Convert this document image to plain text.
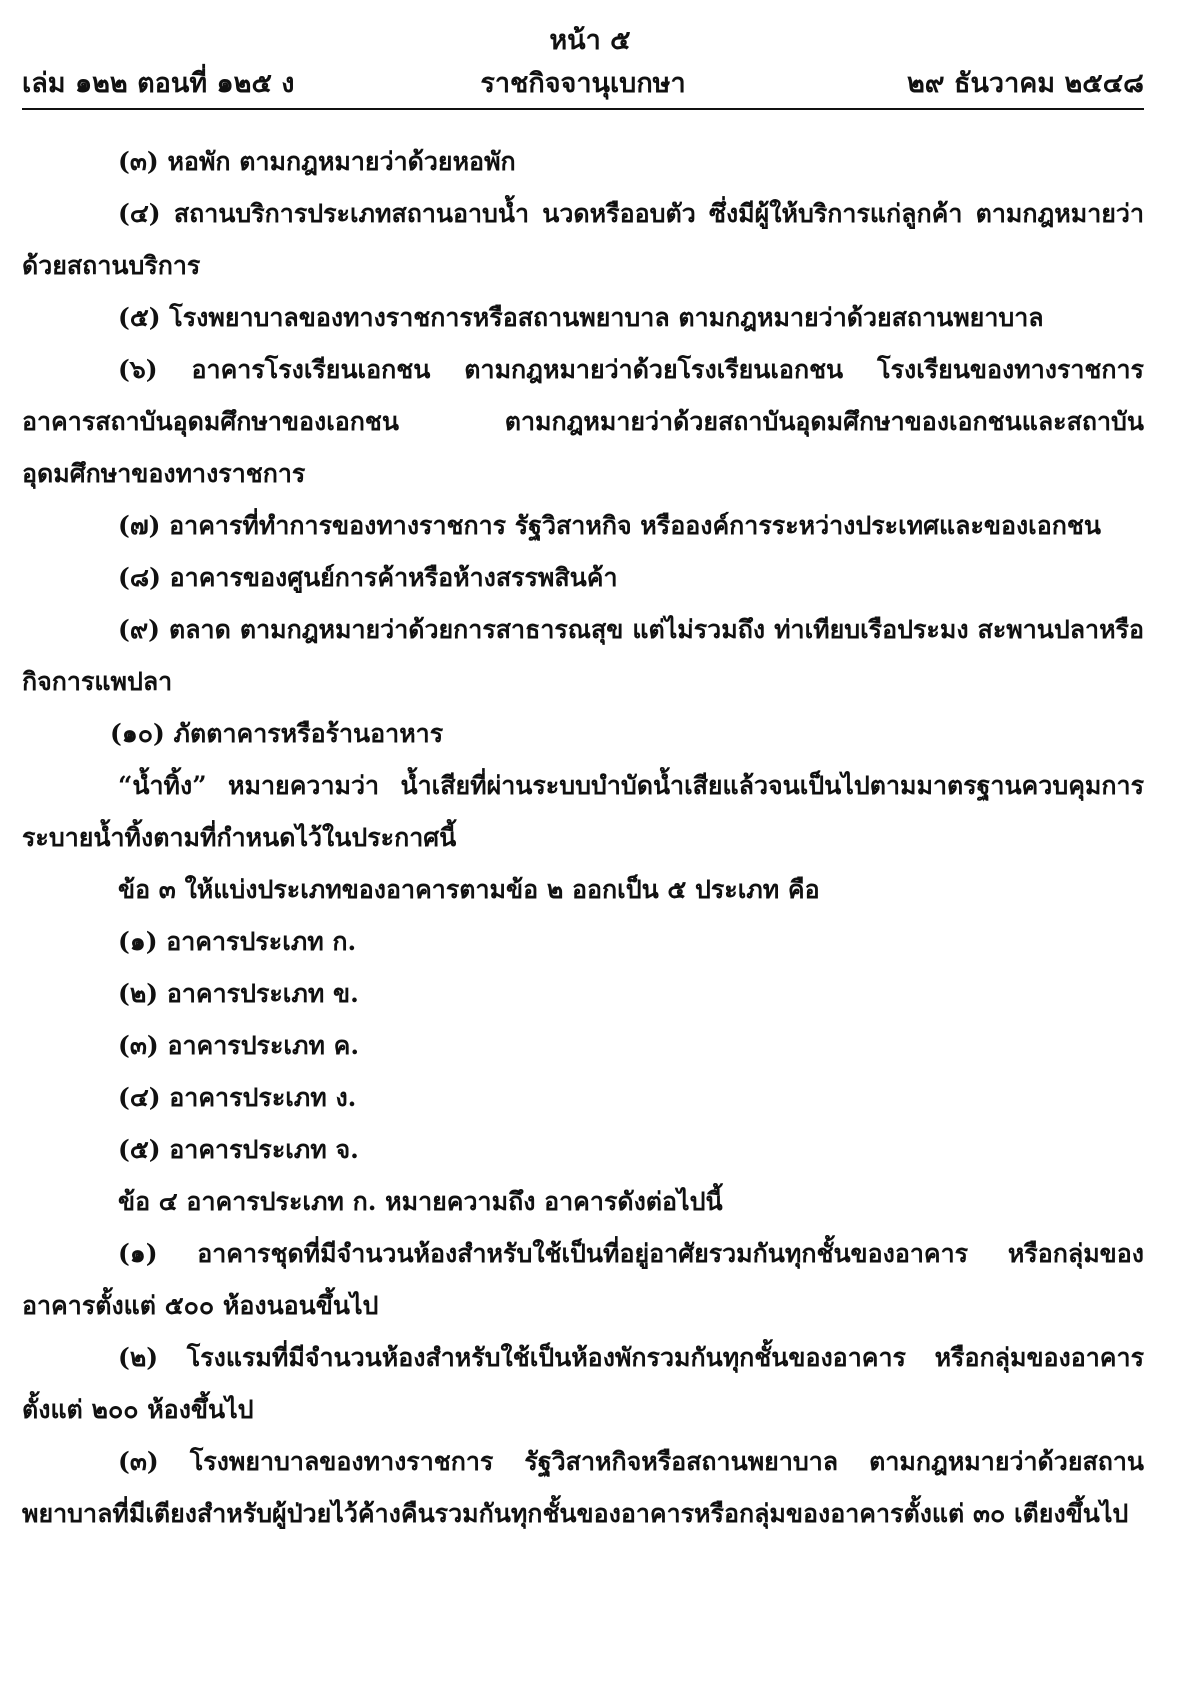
หน้า ๕
ราชกิจจานุเบกษา
เล่ม ๑๒๒ ตอนที่ ๑๒๕ ง	๒๙ ธันวาคม ๒๕๔๘

(๓) หอพัก ตามกฎหมายว่าด้วยหอพัก

(๔) สถานบริการประเภทสถานอาบน้ำ นวดหรืออบตัว ซึ่งมีผู้ให้บริการแก่ลูกค้า ตามกฎหมายว่าด้วยสถานบริการ

(๕) โรงพยาบาลของทางราชการหรือสถานพยาบาล ตามกฎหมายว่าด้วยสถานพยาบาล

(๖) อาคารโรงเรียนเอกชน ตามกฎหมายว่าด้วยโรงเรียนเอกชน โรงเรียนของทางราชการ อาคารสถาบันอุดมศึกษาของเอกชน ตามกฎหมายว่าด้วยสถาบันอุดมศึกษาของเอกชนและสถาบันอุดมศึกษาของทางราชการ

(๗) อาคารที่ทำการของทางราชการ รัฐวิสาหกิจ หรือองค์การระหว่างประเทศและของเอกชน

(๘) อาคารของศูนย์การค้าหรือห้างสรรพสินค้า

(๙) ตลาด ตามกฎหมายว่าด้วยการสาธารณสุข แต่ไม่รวมถึง ท่าเทียบเรือประมง สะพานปลาหรือกิจการแพปลา

(๑๐) ภัตตาคารหรือร้านอาหาร

“น้ำทิ้ง” หมายความว่า น้ำเสียที่ผ่านระบบบำบัดน้ำเสียแล้วจนเป็นไปตามมาตรฐานควบคุมการระบายน้ำทิ้งตามที่กำหนดไว้ในประกาศนี้

ข้อ ๓ ให้แบ่งประเภทของอาคารตามข้อ ๒ ออกเป็น ๕ ประเภท คือ

(๑) อาคารประเภท ก.

(๒) อาคารประเภท ข.

(๓) อาคารประเภท ค.

(๔) อาคารประเภท ง.

(๕) อาคารประเภท จ.

ข้อ ๔ อาคารประเภท ก. หมายความถึง อาคารดังต่อไปนี้

(๑) อาคารชุดที่มีจำนวนห้องสำหรับใช้เป็นที่อยู่อาศัยรวมกันทุกชั้นของอาคาร หรือกลุ่มของอาคารตั้งแต่ ๕๐๐ ห้องนอนขึ้นไป

(๒) โรงแรมที่มีจำนวนห้องสำหรับใช้เป็นห้องพักรวมกันทุกชั้นของอาคาร หรือกลุ่มของอาคารตั้งแต่ ๒๐๐ ห้องขึ้นไป

(๓) โรงพยาบาลของทางราชการ รัฐวิสาหกิจหรือสถานพยาบาล ตามกฎหมายว่าด้วยสถานพยาบาลที่มีเตียงสำหรับผู้ป่วยไว้ค้างคืนรวมกันทุกชั้นของอาคารหรือกลุ่มของอาคารตั้งแต่ ๓๐ เตียงขึ้นไป
